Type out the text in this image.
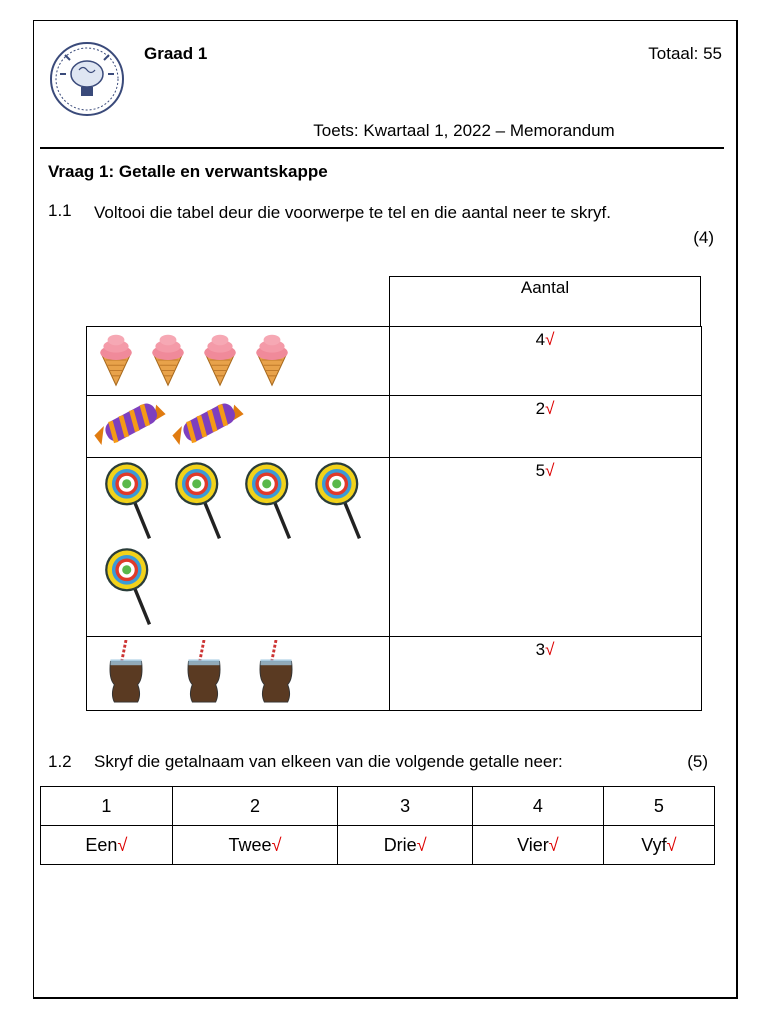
Graad 1	Totaal: 55
Toets: Kwartaal 1, 2022 – Memorandum
Vraag 1: Getalle en verwantskappe
1.1 Voltooi die tabel deur die voorwerpe te tel en die aantal neer te skryf.
(4)
Aantal
4√
2√
5√
3√
1.2 Skryf die getalnaam van elkeen van die volgende getalle neer:	(5)
1	2	3	4	5
Een√	Twee√	Drie√	Vier√	Vyf√
